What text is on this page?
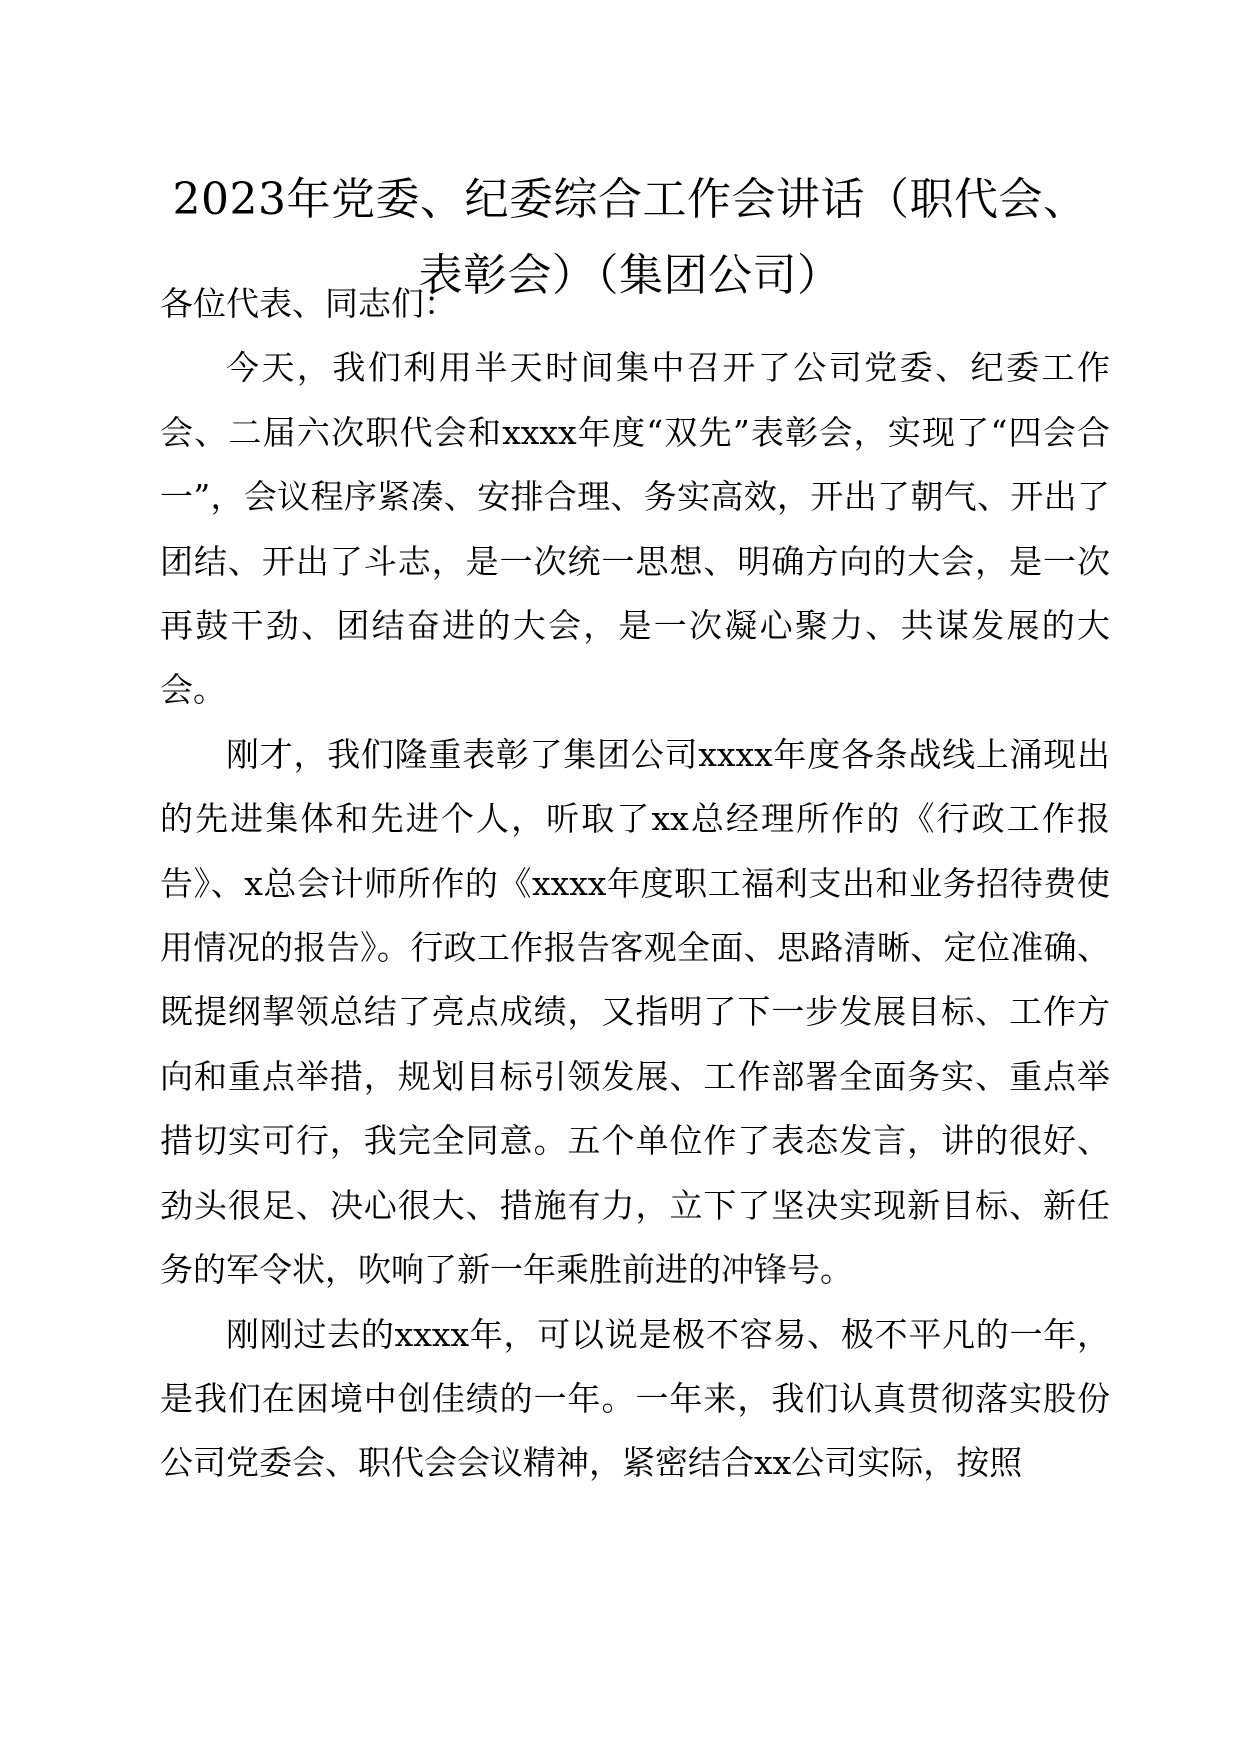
2023年党委、纪委综合工作会讲话（职代会、
表彰会）（集团公司）

各位代表、同志们：

今天，我们利用半天时间集中召开了公司党委、纪委工作会、二届六次职代会和xxxx年度“双先”表彰会，实现了“四会合一”，会议程序紧凑、安排合理、务实高效，开出了朝气、开出了团结、开出了斗志，是一次统一思想、明确方向的大会，是一次再鼓干劲、团结奋进的大会，是一次凝心聚力、共谋发展的大会。

刚才，我们隆重表彰了集团公司xxxx年度各条战线上涌现出的先进集体和先进个人，听取了xx总经理所作的《行政工作报告》、x总会计师所作的《xxxx年度职工福利支出和业务招待费使用情况的报告》。行政工作报告客观全面、思路清晰、定位准确、既提纲挈领总结了亮点成绩，又指明了下一步发展目标、工作方向和重点举措，规划目标引领发展、工作部署全面务实、重点举措切实可行，我完全同意。五个单位作了表态发言，讲的很好、劲头很足、决心很大、措施有力，立下了坚决实现新目标、新任务的军令状，吹响了新一年乘胜前进的冲锋号。

刚刚过去的xxxx年，可以说是极不容易、极不平凡的一年，是我们在困境中创佳绩的一年。一年来，我们认真贯彻落实股份公司党委会、职代会会议精神，紧密结合xx公司实际，按照
